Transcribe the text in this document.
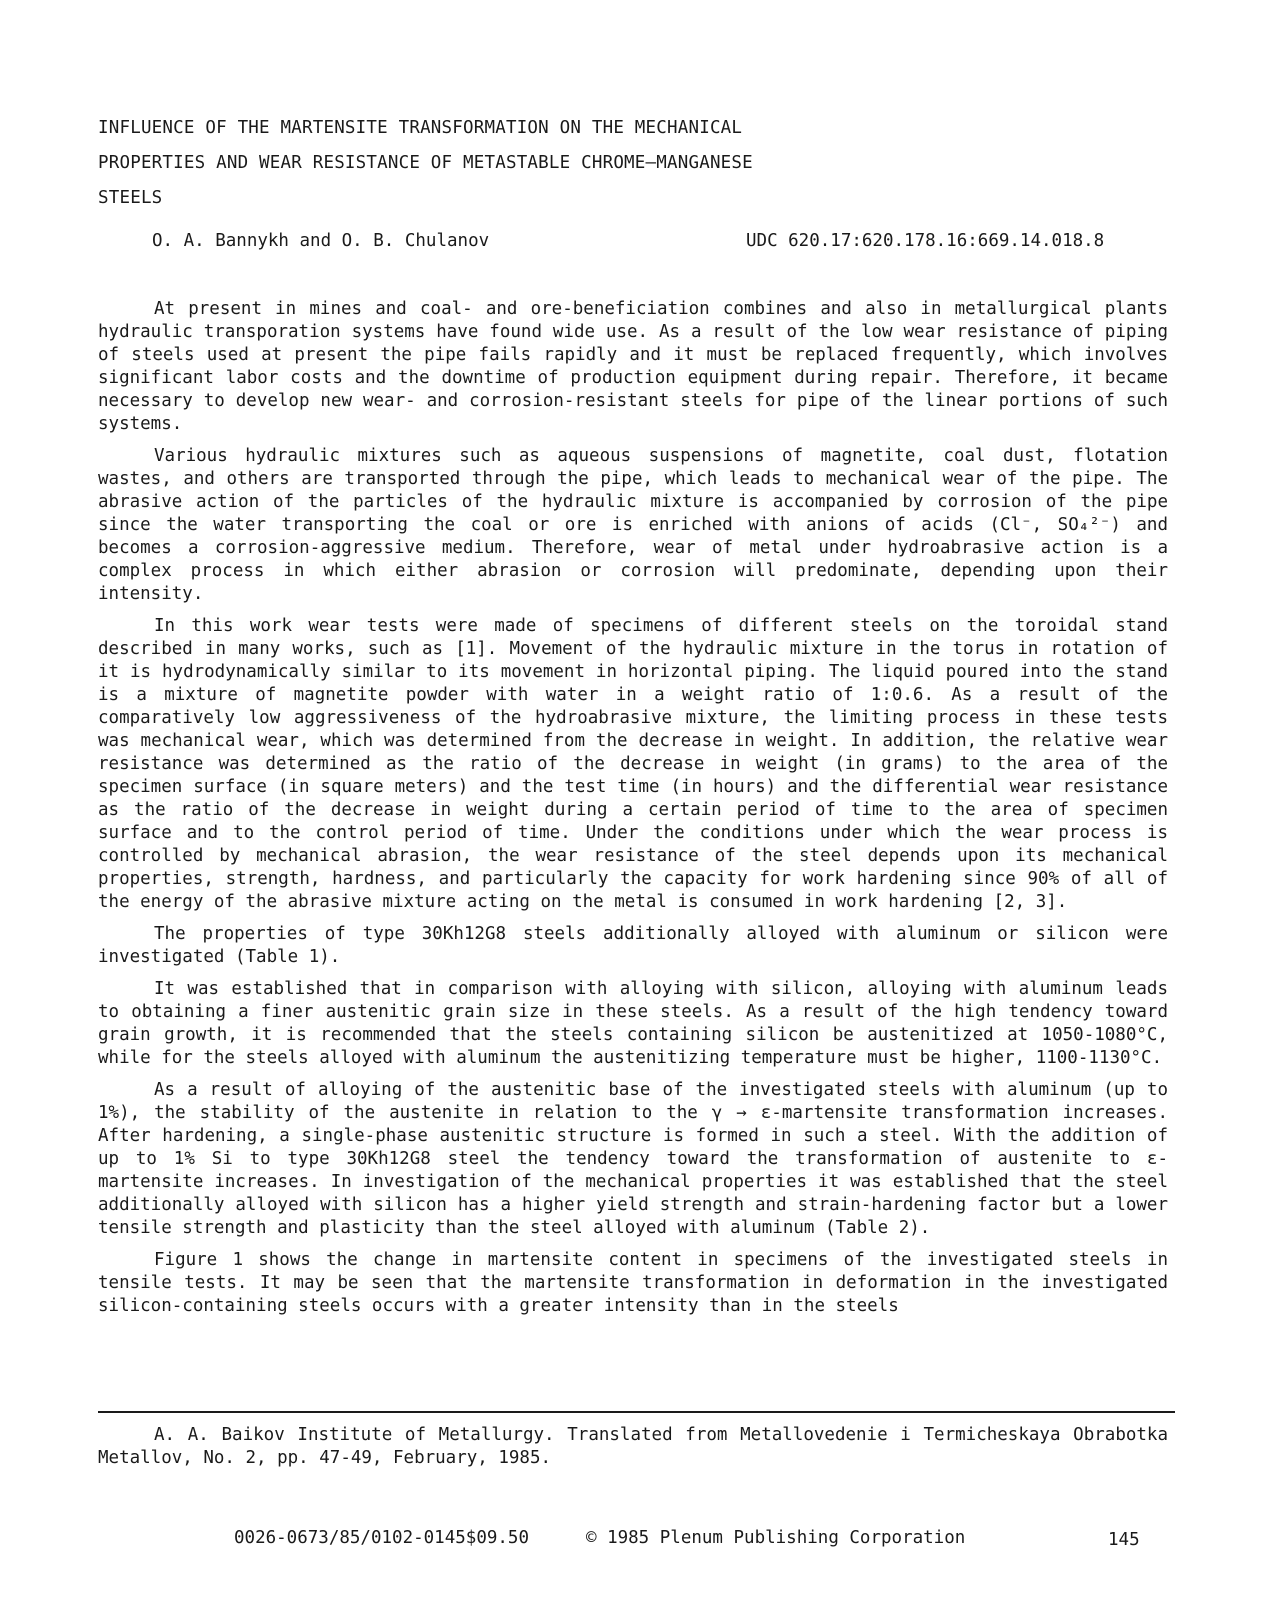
INFLUENCE OF THE MARTENSITE TRANSFORMATION ON THE MECHANICAL
PROPERTIES AND WEAR RESISTANCE OF METASTABLE CHROME—MANGANESE
STEELS
O. A. Bannykh and O. B. Chulanov	UDC 620.17:620.178.16:669.14.018.8

At present in mines and coal- and ore-beneficiation combines and also in metallurgical plants hydraulic transporation systems have found wide use. As a result of the low wear resistance of piping of steels used at present the pipe fails rapidly and it must be replaced frequently, which involves significant labor costs and the downtime of production equipment during repair. Therefore, it became necessary to develop new wear- and corrosion-resistant steels for pipe of the linear portions of such systems.

Various hydraulic mixtures such as aqueous suspensions of magnetite, coal dust, flotation wastes, and others are transported through the pipe, which leads to mechanical wear of the pipe. The abrasive action of the particles of the hydraulic mixture is accompanied by corrosion of the pipe since the water transporting the coal or ore is enriched with anions of acids (Cl⁻, SO₄²⁻) and becomes a corrosion-aggressive medium. Therefore, wear of metal under hydroabrasive action is a complex process in which either abrasion or corrosion will predominate, depending upon their intensity.

In this work wear tests were made of specimens of different steels on the toroidal stand described in many works, such as [1]. Movement of the hydraulic mixture in the torus in rotation of it is hydrodynamically similar to its movement in horizontal piping. The liquid poured into the stand is a mixture of magnetite powder with water in a weight ratio of 1:0.6. As a result of the comparatively low aggressiveness of the hydroabrasive mixture, the limiting process in these tests was mechanical wear, which was determined from the decrease in weight. In addition, the relative wear resistance was determined as the ratio of the decrease in weight (in grams) to the area of the specimen surface (in square meters) and the test time (in hours) and the differential wear resistance as the ratio of the decrease in weight during a certain period of time to the area of specimen surface and to the control period of time. Under the conditions under which the wear process is controlled by mechanical abrasion, the wear resistance of the steel depends upon its mechanical properties, strength, hardness, and particularly the capacity for work hardening since 90% of all of the energy of the abrasive mixture acting on the metal is consumed in work hardening [2, 3].

The properties of type 30Kh12G8 steels additionally alloyed with aluminum or silicon were investigated (Table 1).

It was established that in comparison with alloying with silicon, alloying with aluminum leads to obtaining a finer austenitic grain size in these steels. As a result of the high tendency toward grain growth, it is recommended that the steels containing silicon be austenitized at 1050-1080°C, while for the steels alloyed with aluminum the austenitizing temperature must be higher, 1100-1130°C.

As a result of alloying of the austenitic base of the investigated steels with aluminum (up to 1%), the stability of the austenite in relation to the γ → ε-martensite transformation increases. After hardening, a single-phase austenitic structure is formed in such a steel. With the addition of up to 1% Si to type 30Kh12G8 steel the tendency toward the transformation of austenite to ε-martensite increases. In investigation of the mechanical properties it was established that the steel additionally alloyed with silicon has a higher yield strength and strain-hardening factor but a lower tensile strength and plasticity than the steel alloyed with aluminum (Table 2).

Figure 1 shows the change in martensite content in specimens of the investigated steels in tensile tests. It may be seen that the martensite transformation in deformation in the investigated silicon-containing steels occurs with a greater intensity than in the steels

A. A. Baikov Institute of Metallurgy. Translated from Metallovedenie i Termicheskaya Obrabotka Metallov, No. 2, pp. 47-49, February, 1985.
0026-0673/85/0102-0145$09.50	© 1985 Plenum Publishing Corporation	145
